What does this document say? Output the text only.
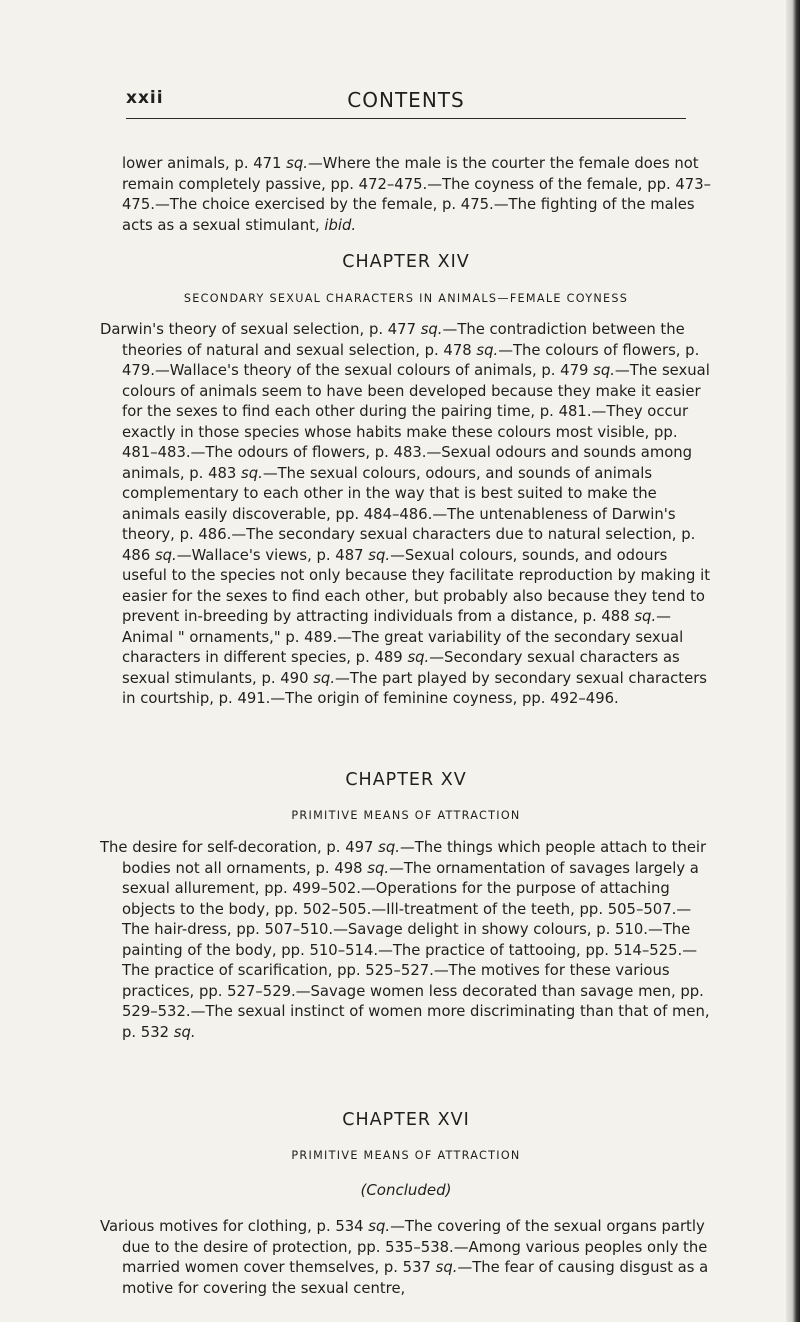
xxii	CONTENTS

lower animals, p. 471 sq.—Where the male is the courter the female does not remain completely passive, pp. 472–475.—The coyness of the female, pp. 473–475.—The choice exercised by the female, p. 475.—The fighting of the males acts as a sexual stimulant, ibid.

CHAPTER XIV
SECONDARY SEXUAL CHARACTERS IN ANIMALS—FEMALE COYNESS

Darwin's theory of sexual selection, p. 477 sq.—The contradiction between the theories of natural and sexual selection, p. 478 sq.—The colours of flowers, p. 479.—Wallace's theory of the sexual colours of animals, p. 479 sq.—The sexual colours of animals seem to have been developed because they make it easier for the sexes to find each other during the pairing time, p. 481.—They occur exactly in those species whose habits make these colours most visible, pp. 481–483.—The odours of flowers, p. 483.—Sexual odours and sounds among animals, p. 483 sq.—The sexual colours, odours, and sounds of animals complementary to each other in the way that is best suited to make the animals easily discoverable, pp. 484–486.—The untenableness of Darwin's theory, p. 486.—The secondary sexual characters due to natural selection, p. 486 sq.—Wallace's views, p. 487 sq.—Sexual colours, sounds, and odours useful to the species not only because they facilitate reproduction by making it easier for the sexes to find each other, but probably also because they tend to prevent in-breeding by attracting individuals from a distance, p. 488 sq.—Animal " ornaments," p. 489.—The great variability of the secondary sexual characters in different species, p. 489 sq.—Secondary sexual characters as sexual stimulants, p. 490 sq.—The part played by secondary sexual characters in courtship, p. 491.—The origin of feminine coyness, pp. 492–496.

CHAPTER XV
PRIMITIVE MEANS OF ATTRACTION

The desire for self-decoration, p. 497 sq.—The things which people attach to their bodies not all ornaments, p. 498 sq.—The ornamentation of savages largely a sexual allurement, pp. 499–502.—Operations for the purpose of attaching objects to the body, pp. 502–505.—Ill-treatment of the teeth, pp. 505–507.—The hair-dress, pp. 507–510.—Savage delight in showy colours, p. 510.—The painting of the body, pp. 510–514.—The practice of tattooing, pp. 514–525.—The practice of scarification, pp. 525–527.—The motives for these various practices, pp. 527–529.—Savage women less decorated than savage men, pp. 529–532.—The sexual instinct of women more discriminating than that of men, p. 532 sq.

CHAPTER XVI
PRIMITIVE MEANS OF ATTRACTION
(Concluded)

Various motives for clothing, p. 534 sq.—The covering of the sexual organs partly due to the desire of protection, pp. 535–538.—Among various peoples only the married women cover themselves, p. 537 sq.—The fear of causing disgust as a motive for covering the sexual centre,
